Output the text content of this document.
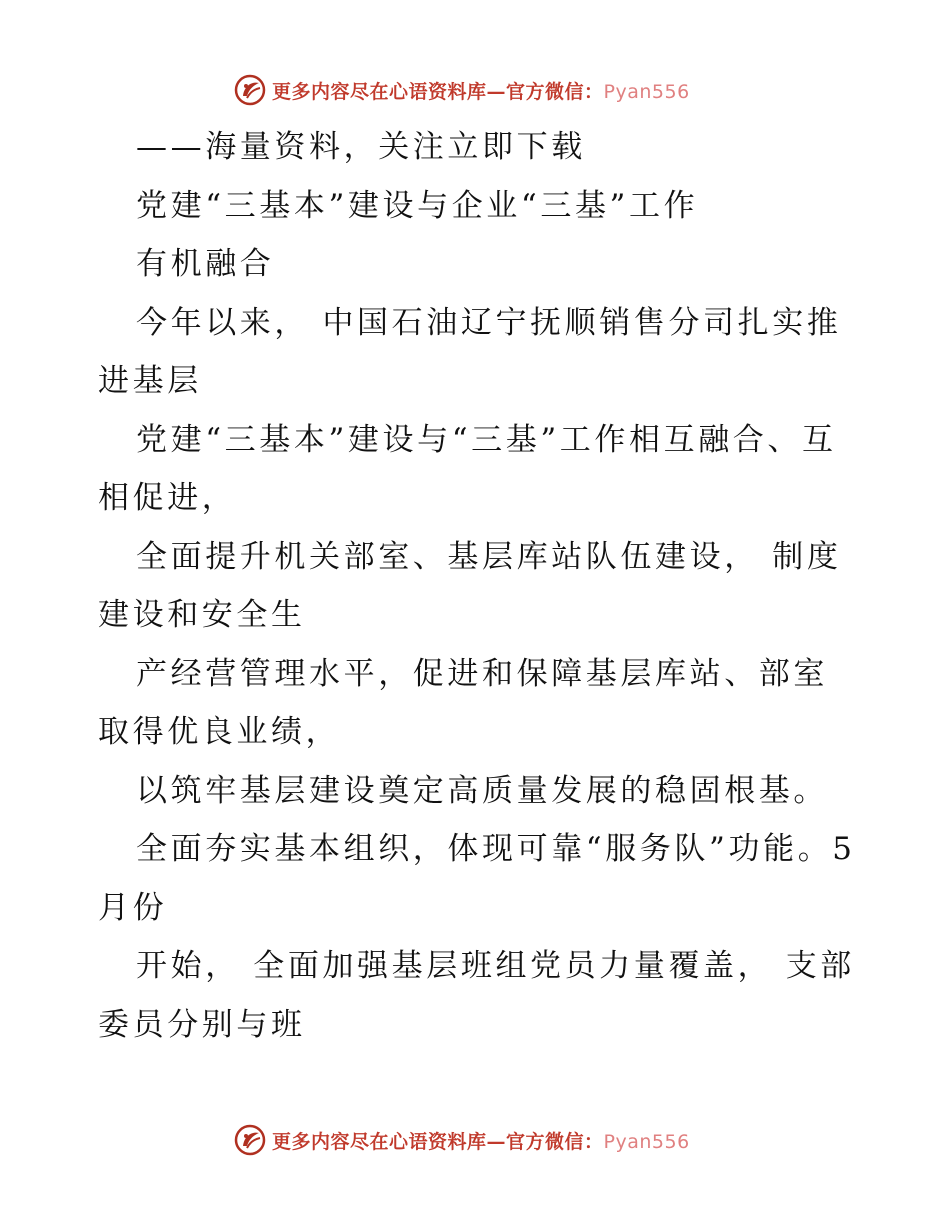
更多内容尽在心语资料库—官方微信：Pyan556

——海量资料，关注立即下载

党建“三基本”建设与企业“三基”工作

有机融合

今年以来， 中国石油辽宁抚顺销售分司扎实推进基层

党建“三基本”建设与“三基”工作相互融合、互相促进，

全面提升机关部室、基层库站队伍建设， 制度建设和安全生

产经营管理水平，促进和保障基层库站、部室取得优良业绩，

以筑牢基层建设奠定高质量发展的稳固根基。

全面夯实基本组织，体现可靠“服务队”功能。5 月份

开始， 全面加强基层班组党员力量覆盖， 支部委员分别与班

更多内容尽在心语资料库—官方微信：Pyan556
